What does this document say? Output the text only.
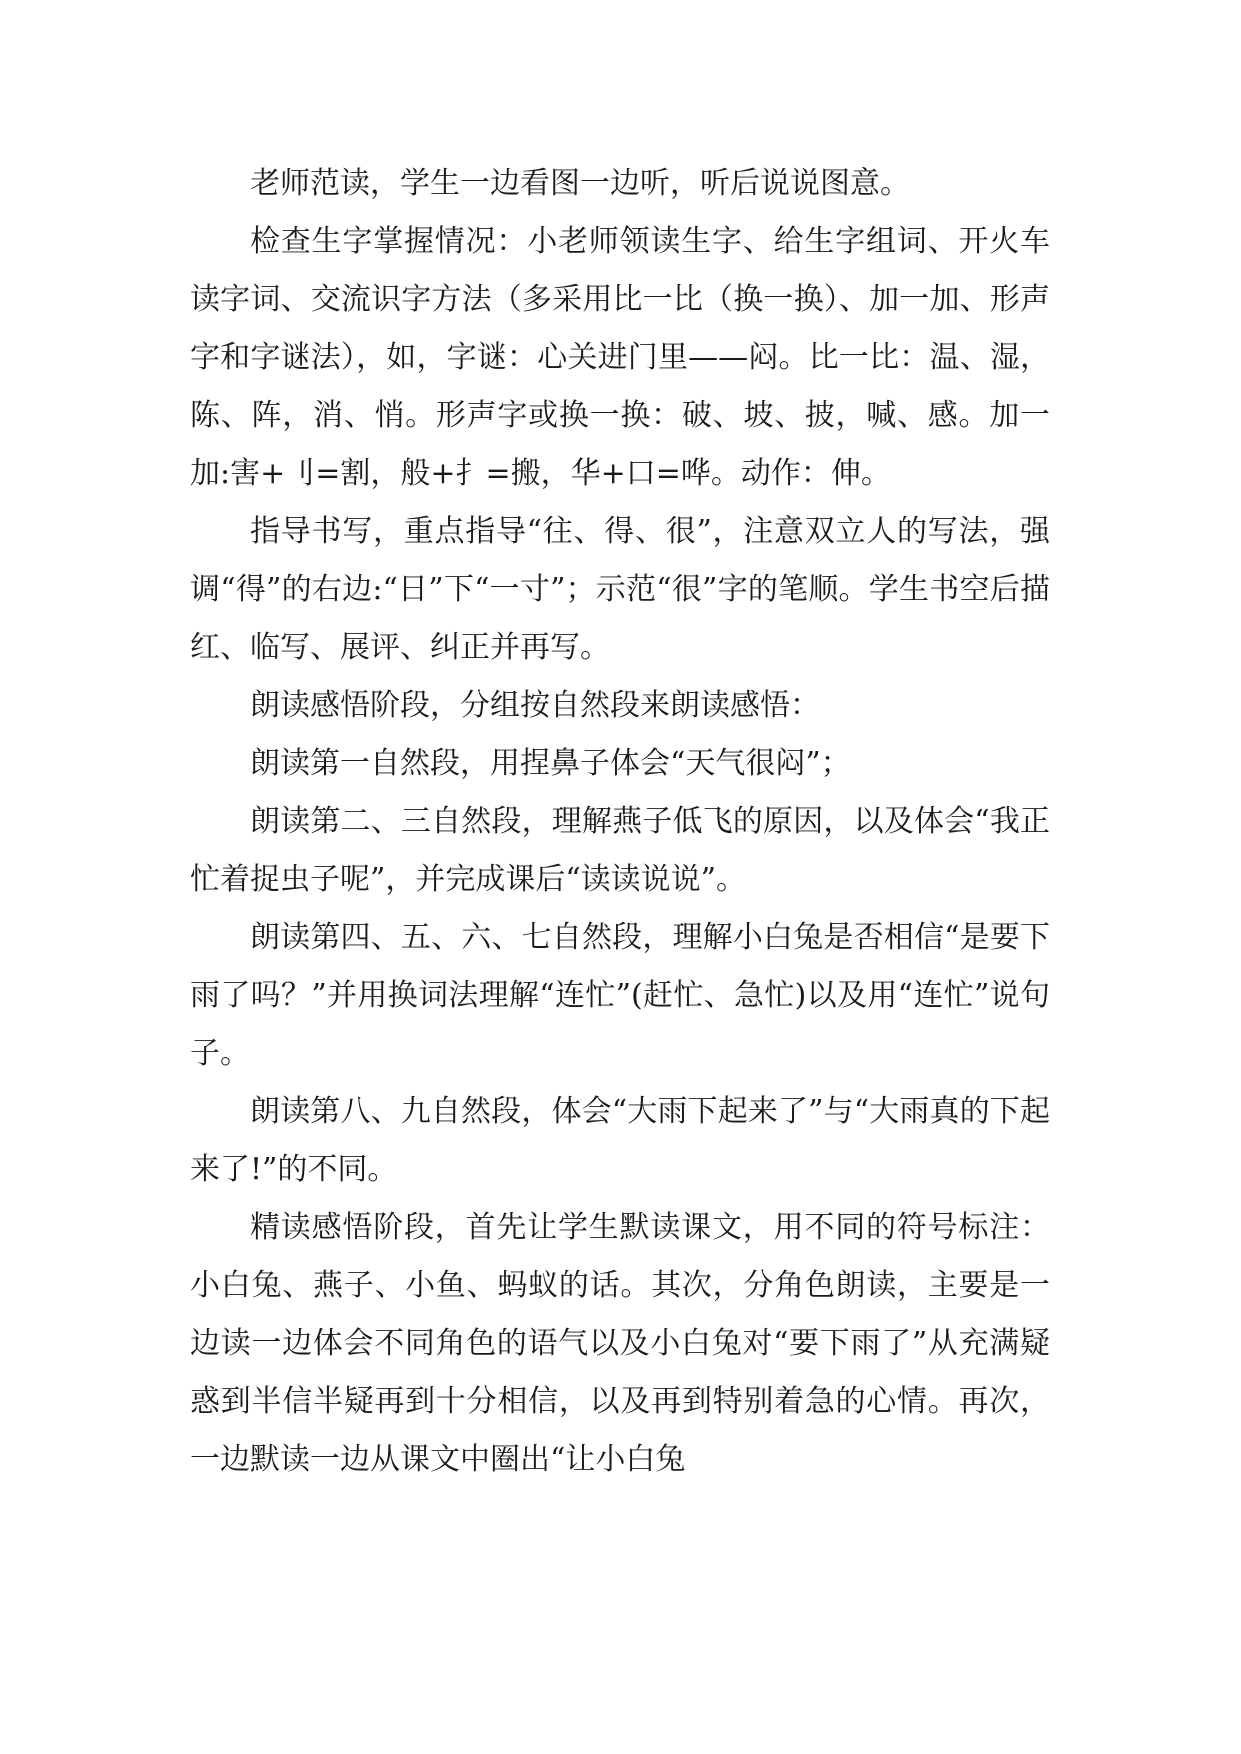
老师范读，学生一边看图一边听，听后说说图意。

检查生字掌握情况：小老师领读生字、给生字组词、开火车读字词、交流识字方法（多采用比一比（换一换）、加一加、形声字和字谜法），如，字谜：心关进门里——闷。比一比：温、湿，陈、阵，消、悄。形声字或换一换：破、坡、披，喊、感。加一加:害+刂=割，般+扌=搬，华+口=哗。动作：伸。

指导书写，重点指导“往、得、很”，注意双立人的写法，强调“得”的右边:“日”下“一寸”；示范“很”字的笔顺。学生书空后描红、临写、展评、纠正并再写。

朗读感悟阶段，分组按自然段来朗读感悟：

朗读第一自然段，用捏鼻子体会“天气很闷”；

朗读第二、三自然段，理解燕子低飞的原因，以及体会“我正忙着捉虫子呢”，并完成课后“读读说说”。

朗读第四、五、六、七自然段，理解小白兔是否相信“是要下雨了吗？”并用换词法理解“连忙”(赶忙、急忙)以及用“连忙”说句子。

朗读第八、九自然段，体会“大雨下起来了”与“大雨真的下起来了!”的不同。

精读感悟阶段，首先让学生默读课文，用不同的符号标注：小白兔、燕子、小鱼、蚂蚁的话。其次，分角色朗读，主要是一边读一边体会不同角色的语气以及小白兔对“要下雨了”从充满疑惑到半信半疑再到十分相信，以及再到特别着急的心情。再次，一边默读一边从课文中圈出“让小白兔
